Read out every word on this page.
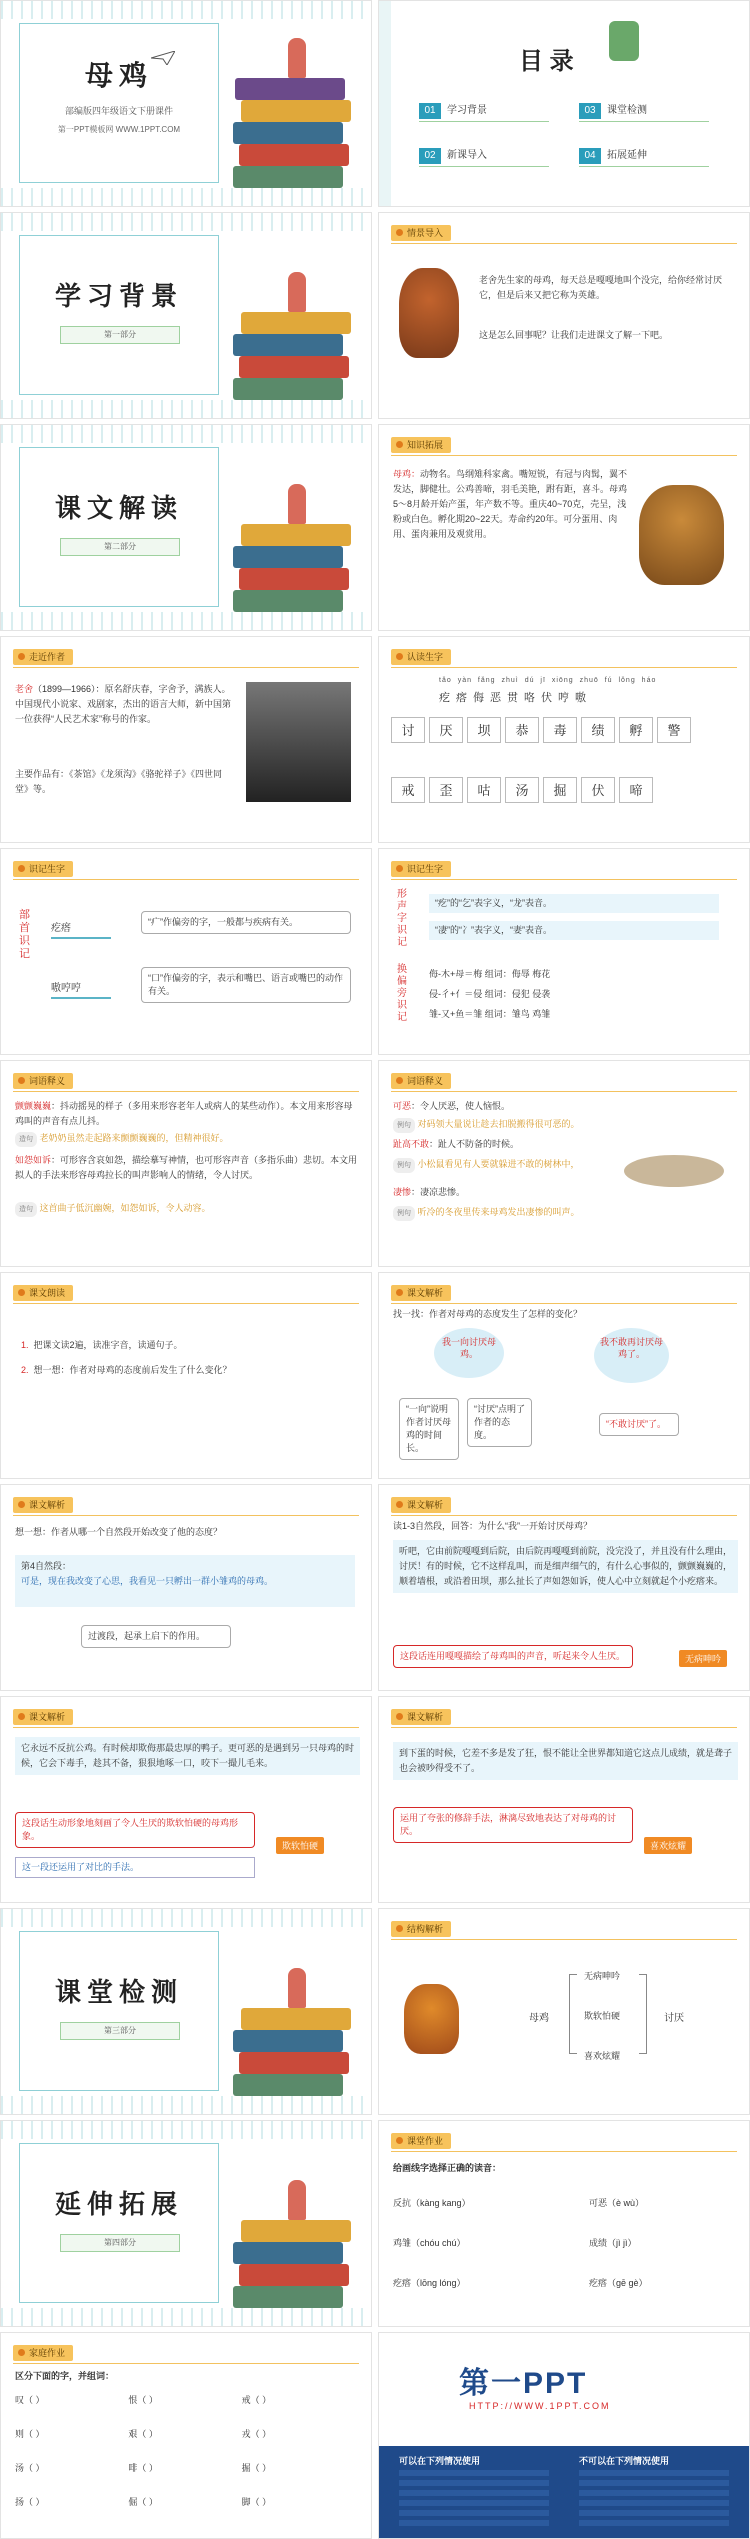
母鸡
部编版四年级语文下册课件
第一PPT模板网 WWW.1PPT.COM
目 录
01 学习背景	03 课堂检测
02 新课导入	04 拓展延伸
学习背景
第一部分
情景导入
老舍先生家的母鸡，每天总是嘎嘎地叫个没完，给你经常讨厌它，但是后来又把它称为英雄。
这是怎么回事呢？让我们走进课文了解一下吧。
课文解读
第二部分
知识拓展
母鸡：动物名。鸟纲雉科家禽。嘴短锐，有冠与肉髯，翼不发达，脚健壮。公鸡善啼，羽毛美艳，跗有距，喜斗。母鸡5～8月龄开始产蛋，年产数不等。重庆40~70克，壳呈，浅粉或白色。孵化期20~22天。寿命约20年。可分蛋用、肉用、蛋肉兼用及观赏用。
走近作者
老舍（1899—1966）：原名舒庆春，字舍予，满族人。中国现代小说家、戏剧家，杰出的语言大师，新中国第一位获得“人民艺术家”称号的作家。
主要作品有：《茶馆》《龙须沟》《骆驼祥子》《四世同堂》等。
认读生字
tǎo yàn fǎng zhuì dú jī xiōng zhuō fú lǒng háo
疙瘩侮恶贯咯伏哼嗷
讨 厌 坝 恭 毒 绩 孵 警
戒 歪 咕 汤 掘 伏 啼
识记生字
部首识记
疙瘩
嗷哼哼
“疒”作偏旁的字，一般都与疾病有关。
“口”作偏旁的字，表示和嘴巴、语言或嘴巴的动作有关。
识记生字
形声字识记
换偏旁识记
“疙”的“乞”表字义，“龙”表音。
“凄”的“冫”表字义，“妻”表音。
侮-木+母＝梅 组词：侮辱 梅花
侵-彳+亻＝侵 组词：侵犯 侵袭
雏-又+鱼＝雏 组词：雏鸟 鸡雏
词语释义
颤颤巍巍：抖动摇晃的样子（多用来形容老年人或病人的某些动作）。本文用来形容母鸡叫的声音有点儿抖。
造句 老奶奶虽然走起路来颤颤巍巍的，但精神很好。
如怨如诉：可形容含哀如怨，描绘摹写神情，也可形容声音（多指乐曲）悲切。本文用拟人的手法来形容母鸡拉长的叫声影响人的情绪，令人讨厌。
造句 这首曲子低沉幽婉，如怨如诉，令人动容。
词语释义
可恶：令人厌恶，使人恼恨。
例句 对码领大量说让趁去扣脱搬得很可恶的。
趾高不敢：趾人不防备的时候。
例句 小松鼠看见有人要就躲进不敢的树林中，
凄惨：凄凉悲惨。
例句 听冷的冬夜里传来母鸡发出凄惨的叫声。
课文朗读
1. 把课文读2遍，读准字音，读通句子。
2. 想一想：作者对母鸡的态度前后发生了什么变化？
课文解析
找一找：作者对母鸡的态度发生了怎样的变化？
我一向讨厌母鸡。
我不敢再讨厌母鸡了。
“一向”说明作者讨厌母鸡的时间长。
“讨厌”点明了作者的态度。
“不敢讨厌”了。
课文解析
想一想：作者从哪一个自然段开始改变了他的态度？
第4自然段：
可是，现在我改变了心思，我看见一只孵出一群小雏鸡的母鸡。
过渡段，起承上启下的作用。
课文解析
读1-3自然段，回答：为什么“我”一开始讨厌母鸡？
听吧，它由前院嘎嘎到后院，由后院再嘎嘎到前院，没完没了，并且没有什么理由，讨厌！有的时候，它不这样乱叫，而是细声细气的，有什么心事似的，颤颤巍巍的，顺着墙根，或沿着田坝，那么扯长了声如怨如诉，使人心中立刻就起个小疙瘩来。
这段话连用嘎嘎描绘了母鸡叫的声音，听起来令人生厌。	无病呻吟
课文解析
它永远不反抗公鸡。有时候却欺侮那最忠厚的鸭子。更可恶的是遇到另一只母鸡的时候，它会下毒手，趁其不备，狠狠地啄一口，咬下一撮儿毛来。
这段话生动形象地刻画了令人生厌的欺软怕硬的母鸡形象。
这一段还运用了对比的手法。
欺软怕硬
课文解析
到下蛋的时候，它差不多是发了狂，恨不能让全世界都知道它这点儿成绩，就是聋子也会被吵得受不了。
运用了夸张的修辞手法，淋漓尽致地表达了对母鸡的讨厌。
喜欢炫耀
课堂检测
第三部分
结构解析
母鸡
无病呻吟
欺软怕硬
喜欢炫耀
讨厌
延伸拓展
第四部分
课堂作业
给画线字选择正确的读音：
反抗（kàng kang）	可恶（è wù）
鸡雏（chóu chú）	成绩（jì jì）
疙瘩（lōng lóng）	疙瘩（gē gè）
家庭作业
区分下面的字，并组词：
叹（ ）	恨（ ）	戒（ ）
则（ ）	艰（ ）	戎（ ）
汤（ ）	啡（ ）	掘（ ）
扬（ ）	倔（ ）	脚（ ）
第一PPT
HTTP://WWW.1PPT.COM
可以在下列情况使用	不可以在下列情况使用
